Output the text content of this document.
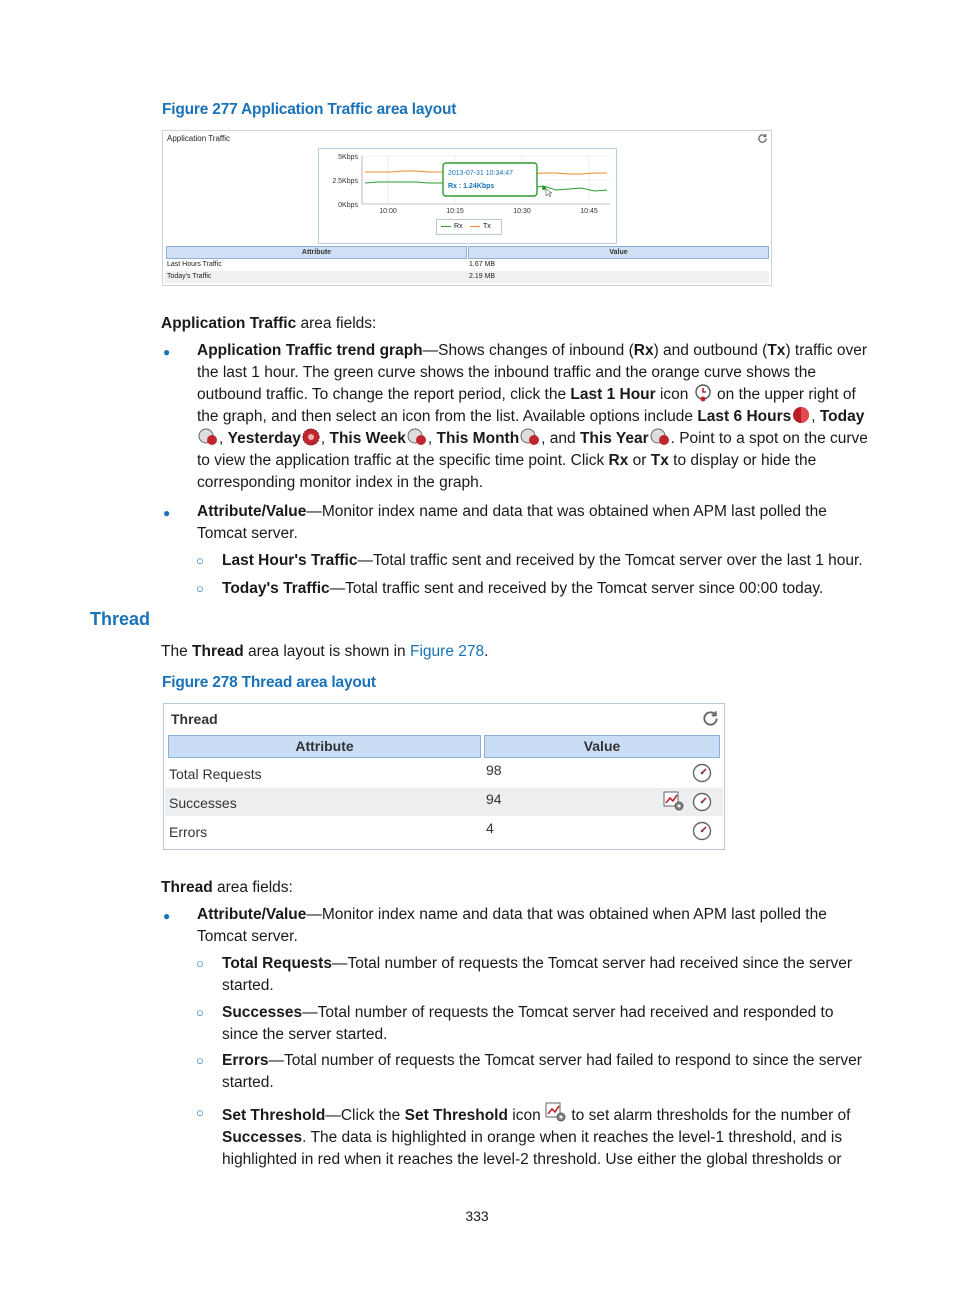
Figure 277 Application Traffic area layout
Application Traffic
5Kbps
2.5Kbps
0Kbps
10:00	10:15	10:30	10:45
2013-07-31 10:34:47
Rx : 1.24Kbps
Rx	Tx
Attribute	Value
Last Hours Traffic	1.67 MB
Today's Traffic	2.19 MB
Application Traffic area fields:
● Application Traffic trend graph—Shows changes of inbound (Rx) and outbound (Tx) traffic over the last 1 hour. The green curve shows the inbound traffic and the orange curve shows the outbound traffic. To change the report period, click the Last 1 Hour icon  on the upper right of the graph, and then select an icon from the list. Available options include Last 6 Hours , Today, Yesterday , This Week , This Month , and This Year . Point to a spot on the curve to view the application traffic at the specific time point. Click Rx or Tx to display or hide the corresponding monitor index in the graph.
● Attribute/Value—Monitor index name and data that was obtained when APM last polled the Tomcat server.
○ Last Hour's Traffic—Total traffic sent and received by the Tomcat server over the last 1 hour.
○ Today's Traffic—Total traffic sent and received by the Tomcat server since 00:00 today.
Thread
The Thread area layout is shown in Figure 278.
Figure 278 Thread area layout
Thread
Attribute	Value
Total Requests	98
Successes	94
Errors	4
Thread area fields:
● Attribute/Value—Monitor index name and data that was obtained when APM last polled the Tomcat server.
○ Total Requests—Total number of requests the Tomcat server had received since the server started.
○ Successes—Total number of requests the Tomcat server had received and responded to since the server started.
○ Errors—Total number of requests the Tomcat server had failed to respond to since the server started.
○ Set Threshold—Click the Set Threshold icon  to set alarm thresholds for the number of Successes. The data is highlighted in orange when it reaches the level-1 threshold, and is highlighted in red when it reaches the level-2 threshold. Use either the global thresholds or
333
